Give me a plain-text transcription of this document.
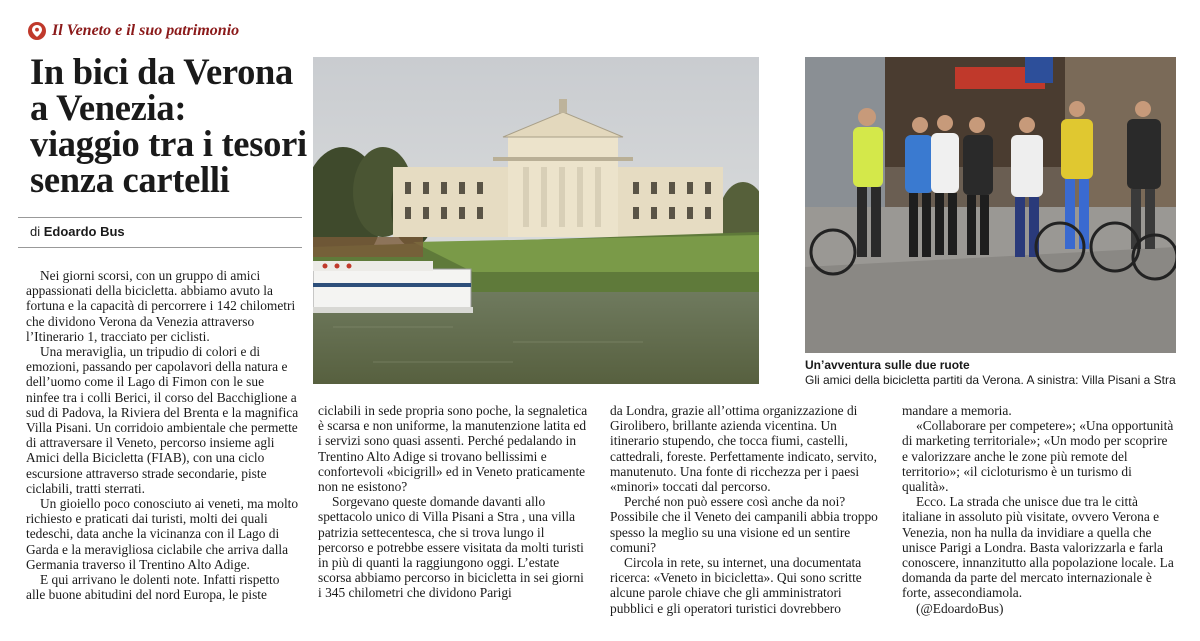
Il Veneto e il suo patrimonio
In bici da Verona
a Venezia:
viaggio tra i tesori
senza cartelli
di Edoardo Bus
Un’avventura sulle due ruote
Gli amici della bicicletta partiti da Verona. A sinistra: Villa Pisani a Stra

Nei giorni scorsi, con un gruppo di amici appassionati della bicicletta. abbiamo avuto la fortuna e la capacità di percorrere i 142 chilometri che dividono Verona da Venezia attraverso l’Itinerario 1, tracciato per ciclisti.

Una meraviglia, un tripudio di colori e di emozioni, passando per capolavori della natura e dell’uomo come il Lago di Fimon con le sue ninfee tra i colli Berici, il corso del Bacchiglione a sud di Padova, la Riviera del Brenta e la magnifica Villa Pisani. Un corridoio ambientale che permette di attraversare il Veneto, percorso insieme agli Amici della Bicicletta (FIAB), con una ciclo escursione attraverso strade secondarie, piste ciclabili, tratti sterrati.

Un gioiello poco conosciuto ai veneti, ma molto richiesto e praticati dai turisti, molti dei quali tedeschi, data anche la vicinanza con il Lago di Garda e la meravigliosa ciclabile che arriva dalla Germania traverso il Trentino Alto Adige.

E qui arrivano le dolenti note. Infatti rispetto alle buone abitudini del nord Europa, le piste

ciclabili in sede propria sono poche, la segnaletica è scarsa e non uniforme, la manutenzione latita ed i servizi sono quasi assenti. Perché pedalando in Trentino Alto Adige si trovano bellissimi e confortevoli «bicigrill» ed in Veneto praticamente non ne esistono?

Sorgevano queste domande davanti allo spettacolo unico di Villa Pisani a Stra , una villa patrizia settecentesca, che si trova lungo il percorso e potrebbe essere visitata da molti turisti in più di quanti la raggiungono oggi. L’estate scorsa abbiamo percorso in bicicletta in sei giorni i 345 chilometri che dividono Parigi

da Londra, grazie all’ottima organizzazione di Girolibero, brillante azienda vicentina. Un itinerario stupendo, che tocca fiumi, castelli, cattedrali, foreste. Perfettamente indicato, servito, manutenuto. Una fonte di ricchezza per i paesi «minori» toccati dal percorso.

Perché non può essere così anche da noi? Possibile che il Veneto dei campanili abbia troppo spesso la meglio su una visione ed un sentire comuni?

Circola in rete, su internet, una documentata ricerca: «Veneto in bicicletta». Qui sono scritte alcune parole chiave che gli amministratori pubblici e gli operatori turistici dovrebbero

mandare a memoria.

«Collaborare per competere»; «Una opportunità di marketing territoriale»; «Un modo per scoprire e valorizzare anche le zone più remote del territorio»; «il cicloturismo è un turismo di qualità».

Ecco. La strada che unisce due tra le città italiane in assoluto più visitate, ovvero Verona e Venezia, non ha nulla da invidiare a quella che unisce Parigi a Londra. Basta valorizzarla e farla conoscere, innanzitutto alla popolazione locale. La domanda da parte del mercato internazionale è forte, assecondiamola.

(@EdoardoBus)
